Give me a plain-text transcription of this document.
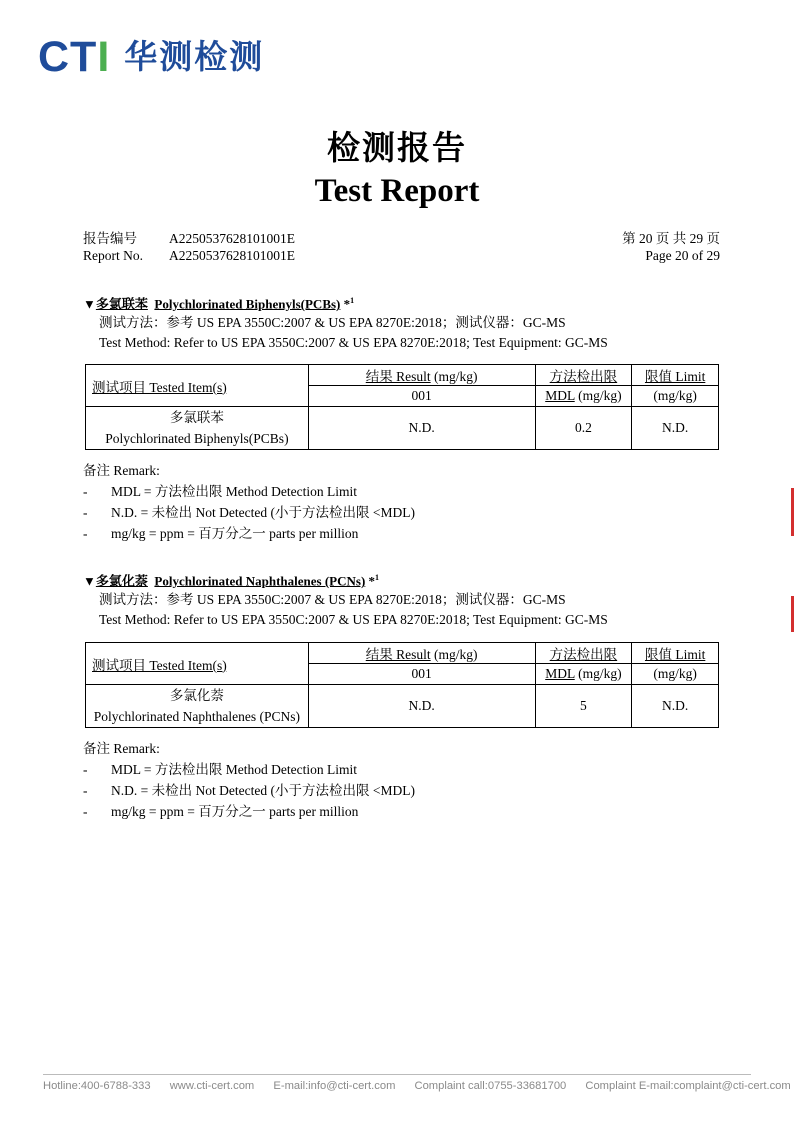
CTI 华测检测
检测报告
Test Report
报告编号	A2250537628101001E
Report No.	A2250537628101001E
第 20 页 共 29 页
Page 20 of 29
▼多氯联苯 Polychlorinated Biphenyls(PCBs) *$^1$
测试方法：参考 US EPA 3550C:2007 & US EPA 8270E:2018；测试仪器：GC-MS
Test Method: Refer to US EPA 3550C:2007 & US EPA 8270E:2018; Test Equipment: GC-MS
测试项目 Tested Item(s)	结果 Result (mg/kg)	方法检出限	限值 Limit
	001	MDL (mg/kg)	(mg/kg)

多氯联苯
Polychlorinated Biphenyls(PCBs)	N.D.	0.2	N.D.
备注 Remark:
-	MDL = 方法检出限 Method Detection Limit
-	N.D. = 未检出 Not Detected (小于方法检出限 <MDL)
-	mg/kg = ppm = 百万分之一 parts per million
▼多氯化萘 Polychlorinated Naphthalenes (PCNs) *$^1$
测试方法：参考 US EPA 3550C:2007 & US EPA 8270E:2018；测试仪器：GC-MS
Test Method: Refer to US EPA 3550C:2007 & US EPA 8270E:2018; Test Equipment: GC-MS
测试项目 Tested Item(s)	结果 Result (mg/kg)	方法检出限	限值 Limit
	001	MDL (mg/kg)	(mg/kg)

多氯化萘
Polychlorinated Naphthalenes (PCNs)	N.D.	5	N.D.
备注 Remark:
-	MDL = 方法检出限 Method Detection Limit
-	N.D. = 未检出 Not Detected (小于方法检出限 <MDL)
-	mg/kg = ppm = 百万分之一 parts per million
Hotline:400-6788-333 www.cti-cert.com E-mail:info@cti-cert.com Complaint call:0755-33681700 Complaint E-mail:complaint@cti-cert.com
